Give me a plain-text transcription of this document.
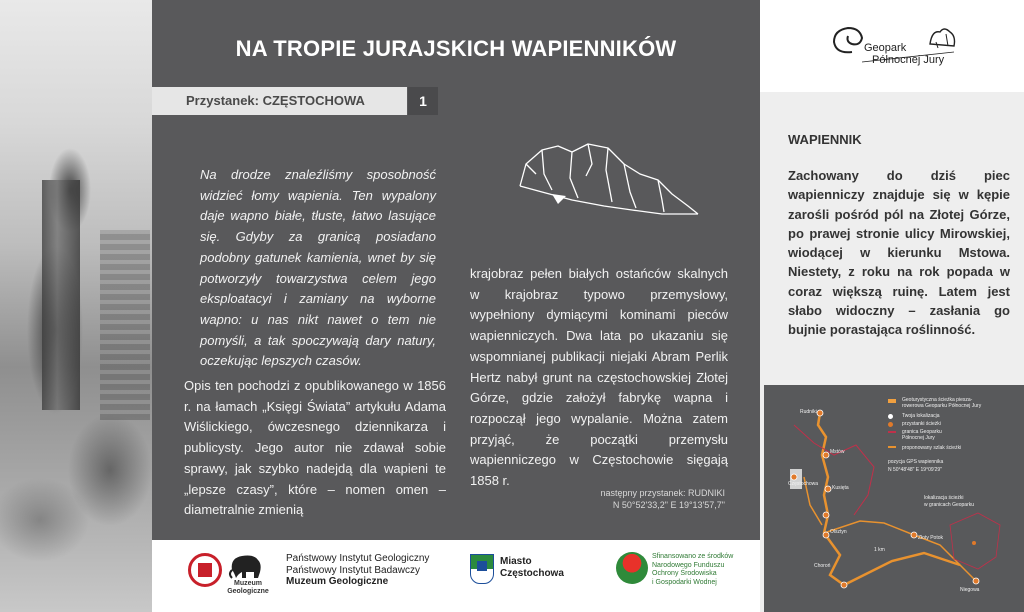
NA TROPIE JURAJSKICH WAPIENNIKÓW
Przystanek: CZĘSTOCHOWA	1
Na drodze znaleźliśmy sposobność widzieć łomy wapienia. Ten wypalony daje wapno białe, tłuste, łatwo lasujące się. Gdyby za granicą posiadano podobny gatunek kamienia, wnet by się potworzyły towarzystwa celem jego eksploatacyi i zamiany na wyborne wapno: u nas nikt nawet o tem nie pomyśli, a tak spoczywają dary natury, oczekując lepszych czasów.
Opis ten pochodzi z opublikowanego w 1856 r. na łamach „Księgi Świata” artykułu Adama Wiślickiego, ówczesnego dziennikarza i publicysty. Jego autor nie zdawał sobie sprawy, jak szybko nadejdą dla wapieni te „lepsze czasy”, które – nomen omen – diametralnie zmienią
krajobraz pełen białych ostańców skalnych w krajobraz typowo przemysłowy, wypełniony dymiącymi kominami pieców wapienniczych. Dwa lata po ukazaniu się wspomnianej publikacji niejaki Abram Perlik Hertz nabył grunt na częstochowskiej Złotej Górze, gdzie założył fabrykę wapna i rozpoczął jego wypalanie. Można zatem przyjąć, że początki przemysłu wapienniczego w Częstochowie sięgają 1858 r.
następny przystanek: RUDNIKI
N 50°52'33,2" E 19°13'57,7"
Muzeum
Geologiczne
Państwowy Instytut Geologiczny
Państwowy Instytut Badawczy
Muzeum Geologiczne
Miasto
Częstochowa
Sfinansowano ze środków
Narodowego Funduszu
Ochrony Środowiska
i Gospodarki Wodnej
Geopark
Północnej Jury
WAPIENNIK
Zachowany do dziś piec wapienniczy znajduje się w kępie zarośli pośród pól na Złotej Górze, po prawej stronie ulicy Mirowskiej, wiodącej w kierunku Mstowa. Niestety, z roku na rok popada w coraz większą ruinę. Latem jest słabo widoczny – zasłania go bujnie porastająca roślinność.
Geoturystyczna ścieżka piesza-rowerowa Geoparku Północnej Jury
Twoja lokalizacja
przystanki ścieżki
granica Geoparku Północnej Jury
proponowany szlak ścieżki
pozycja GPS wapiennika
N 50°48'48" E 19°09'29"
lokalizacja ścieżki
w granicach Geoparku
Rudniki
Częstochowa
Mstów
Kusięta
Olsztyn
Choroń
Złoty Potok
Niegowa
1 km
